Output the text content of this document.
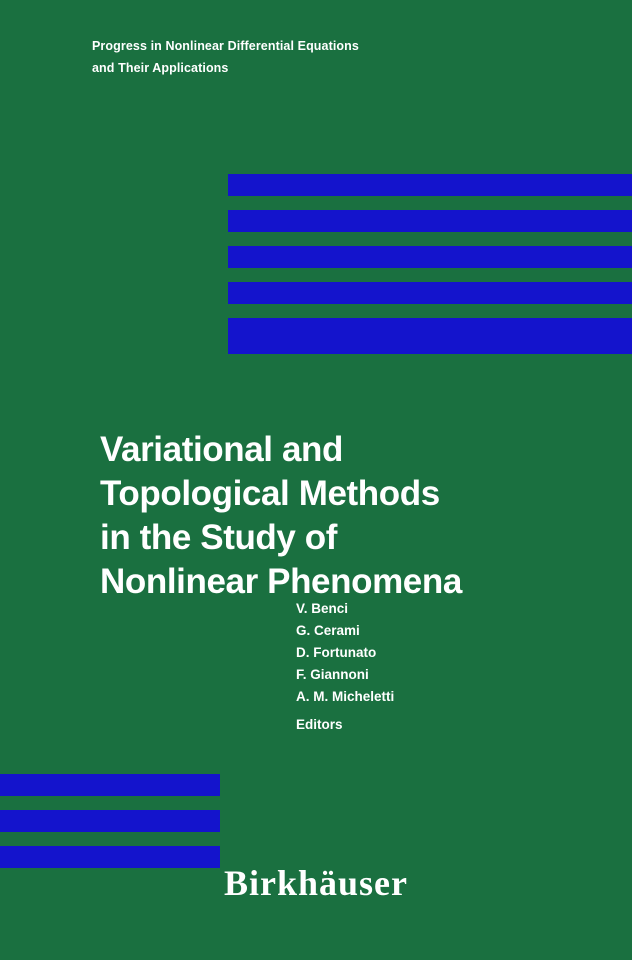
Progress in Nonlinear Differential Equations
and Their Applications
Variational and
Topological Methods
in the Study of
Nonlinear Phenomena
V. Benci
G. Cerami
D. Fortunato
F. Giannoni
A. M. Micheletti
Editors
Birkhäuser
